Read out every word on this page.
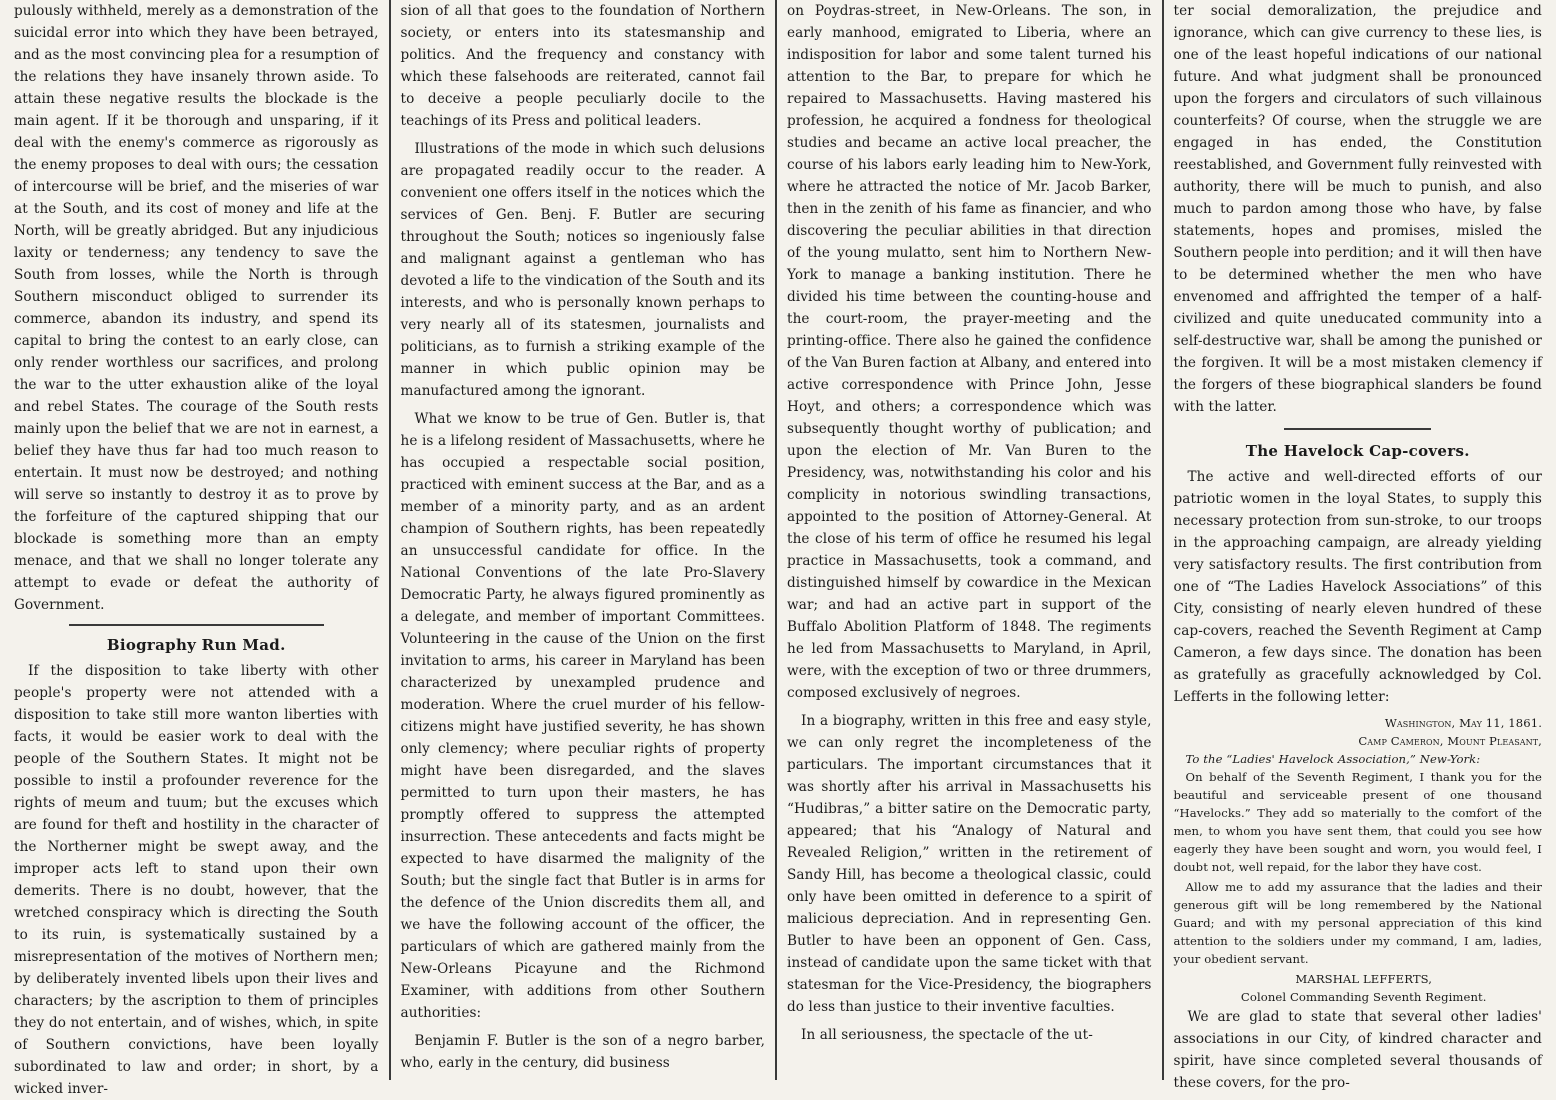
pulously withheld, merely as a demonstration of the suicidal error into which they have been betrayed, and as the most convincing plea for a resumption of the relations they have insanely thrown aside. To attain these negative results the blockade is the main agent. If it be thorough and unsparing, if it deal with the enemy's commerce as rigorously as the enemy proposes to deal with ours; the cessation of intercourse will be brief, and the miseries of war at the South, and its cost of money and life at the North, will be greatly abridged. But any injudicious laxity or tenderness; any tendency to save the South from losses, while the North is through Southern misconduct obliged to surrender its commerce, abandon its industry, and spend its capital to bring the contest to an early close, can only render worthless our sacrifices, and prolong the war to the utter exhaustion alike of the loyal and rebel States. The courage of the South rests mainly upon the belief that we are not in earnest, a belief they have thus far had too much reason to entertain. It must now be destroyed; and nothing will serve so instantly to destroy it as to prove by the forfeiture of the captured shipping that our blockade is something more than an empty menace, and that we shall no longer tolerate any attempt to evade or defeat the authority of Government.

Biography Run Mad.

If the disposition to take liberty with other people's property were not attended with a disposition to take still more wanton liberties with facts, it would be easier work to deal with the people of the Southern States. It might not be possible to instil a profounder reverence for the rights of meum and tuum; but the excuses which are found for theft and hostility in the character of the Northerner might be swept away, and the improper acts left to stand upon their own demerits. There is no doubt, however, that the wretched conspiracy which is directing the South to its ruin, is systematically sustained by a misrepresentation of the motives of Northern men; by deliberately invented libels upon their lives and characters; by the ascription to them of principles they do not entertain, and of wishes, which, in spite of Southern convictions, have been loyally subordinated to law and order; in short, by a wicked inver-

sion of all that goes to the foundation of Northern society, or enters into its statesmanship and politics. And the frequency and constancy with which these falsehoods are reiterated, cannot fail to deceive a people peculiarly docile to the teachings of its Press and political leaders.

Illustrations of the mode in which such delusions are propagated readily occur to the reader. A convenient one offers itself in the notices which the services of Gen. Benj. F. Butler are securing throughout the South; notices so ingeniously false and malignant against a gentleman who has devoted a life to the vindication of the South and its interests, and who is personally known perhaps to very nearly all of its statesmen, journalists and politicians, as to furnish a striking example of the manner in which public opinion may be manufactured among the ignorant.

What we know to be true of Gen. Butler is, that he is a lifelong resident of Massachusetts, where he has occupied a respectable social position, practiced with eminent success at the Bar, and as a member of a minority party, and as an ardent champion of Southern rights, has been repeatedly an unsuccessful candidate for office. In the National Conventions of the late Pro-Slavery Democratic Party, he always figured prominently as a delegate, and member of important Committees. Volunteering in the cause of the Union on the first invitation to arms, his career in Maryland has been characterized by unexampled prudence and moderation. Where the cruel murder of his fellow-citizens might have justified severity, he has shown only clemency; where peculiar rights of property might have been disregarded, and the slaves permitted to turn upon their masters, he has promptly offered to suppress the attempted insurrection. These antecedents and facts might be expected to have disarmed the malignity of the South; but the single fact that Butler is in arms for the defence of the Union discredits them all, and we have the following account of the officer, the particulars of which are gathered mainly from the New-Orleans Picayune and the Richmond Examiner, with additions from other Southern authorities:

Benjamin F. Butler is the son of a negro barber, who, early in the century, did business

on Poydras-street, in New-Orleans. The son, in early manhood, emigrated to Liberia, where an indisposition for labor and some talent turned his attention to the Bar, to prepare for which he repaired to Massachusetts. Having mastered his profession, he acquired a fondness for theological studies and became an active local preacher, the course of his labors early leading him to New-York, where he attracted the notice of Mr. Jacob Barker, then in the zenith of his fame as financier, and who discovering the peculiar abilities in that direction of the young mulatto, sent him to Northern New-York to manage a banking institution. There he divided his time between the counting-house and the court-room, the prayer-meeting and the printing-office. There also he gained the confidence of the Van Buren faction at Albany, and entered into active correspondence with Prince John, Jesse Hoyt, and others; a correspondence which was subsequently thought worthy of publication; and upon the election of Mr. Van Buren to the Presidency, was, notwithstanding his color and his complicity in notorious swindling transactions, appointed to the position of Attorney-General. At the close of his term of office he resumed his legal practice in Massachusetts, took a command, and distinguished himself by cowardice in the Mexican war; and had an active part in support of the Buffalo Abolition Platform of 1848. The regiments he led from Massachusetts to Maryland, in April, were, with the exception of two or three drummers, composed exclusively of negroes.

In a biography, written in this free and easy style, we can only regret the incompleteness of the particulars. The important circumstances that it was shortly after his arrival in Massachusetts his “Hudibras,” a bitter satire on the Democratic party, appeared; that his “Analogy of Natural and Revealed Religion,” written in the retirement of Sandy Hill, has become a theological classic, could only have been omitted in deference to a spirit of malicious depreciation. And in representing Gen. Butler to have been an opponent of Gen. Cass, instead of candidate upon the same ticket with that statesman for the Vice-Presidency, the biographers do less than justice to their inventive faculties.

In all seriousness, the spectacle of the ut-

ter social demoralization, the prejudice and ignorance, which can give currency to these lies, is one of the least hopeful indications of our national future. And what judgment shall be pronounced upon the forgers and circulators of such villainous counterfeits? Of course, when the struggle we are engaged in has ended, the Constitution reestablished, and Government fully reinvested with authority, there will be much to punish, and also much to pardon among those who have, by false statements, hopes and promises, misled the Southern people into perdition; and it will then have to be determined whether the men who have envenomed and affrighted the temper of a half-civilized and quite uneducated community into a self-destructive war, shall be among the punished or the forgiven. It will be a most mistaken clemency if the forgers of these biographical slanders be found with the latter.

The Havelock Cap-covers.

The active and well-directed efforts of our patriotic women in the loyal States, to supply this necessary protection from sun-stroke, to our troops in the approaching campaign, are already yielding very satisfactory results. The first contribution from one of “The Ladies Havelock Associations” of this City, consisting of nearly eleven hundred of these cap-covers, reached the Seventh Regiment at Camp Cameron, a few days since. The donation has been as gratefully as gracefully acknowledged by Col. Lefferts in the following letter:

Washington, May 11, 1861.

Camp Cameron, Mount Pleasant,

To the “Ladies' Havelock Association,” New-York:

On behalf of the Seventh Regiment, I thank you for the beautiful and serviceable present of one thousand “Havelocks.” They add so materially to the comfort of the men, to whom you have sent them, that could you see how eagerly they have been sought and worn, you would feel, I doubt not, well repaid, for the labor they have cost.

Allow me to add my assurance that the ladies and their generous gift will be long remembered by the National Guard; and with my personal appreciation of this kind attention to the soldiers under my command, I am, ladies, your obedient servant.

MARSHAL LEFFERTS,

Colonel Commanding Seventh Regiment.

We are glad to state that several other ladies' associations in our City, of kindred character and spirit, have since completed several thousands of these covers, for the pro-
